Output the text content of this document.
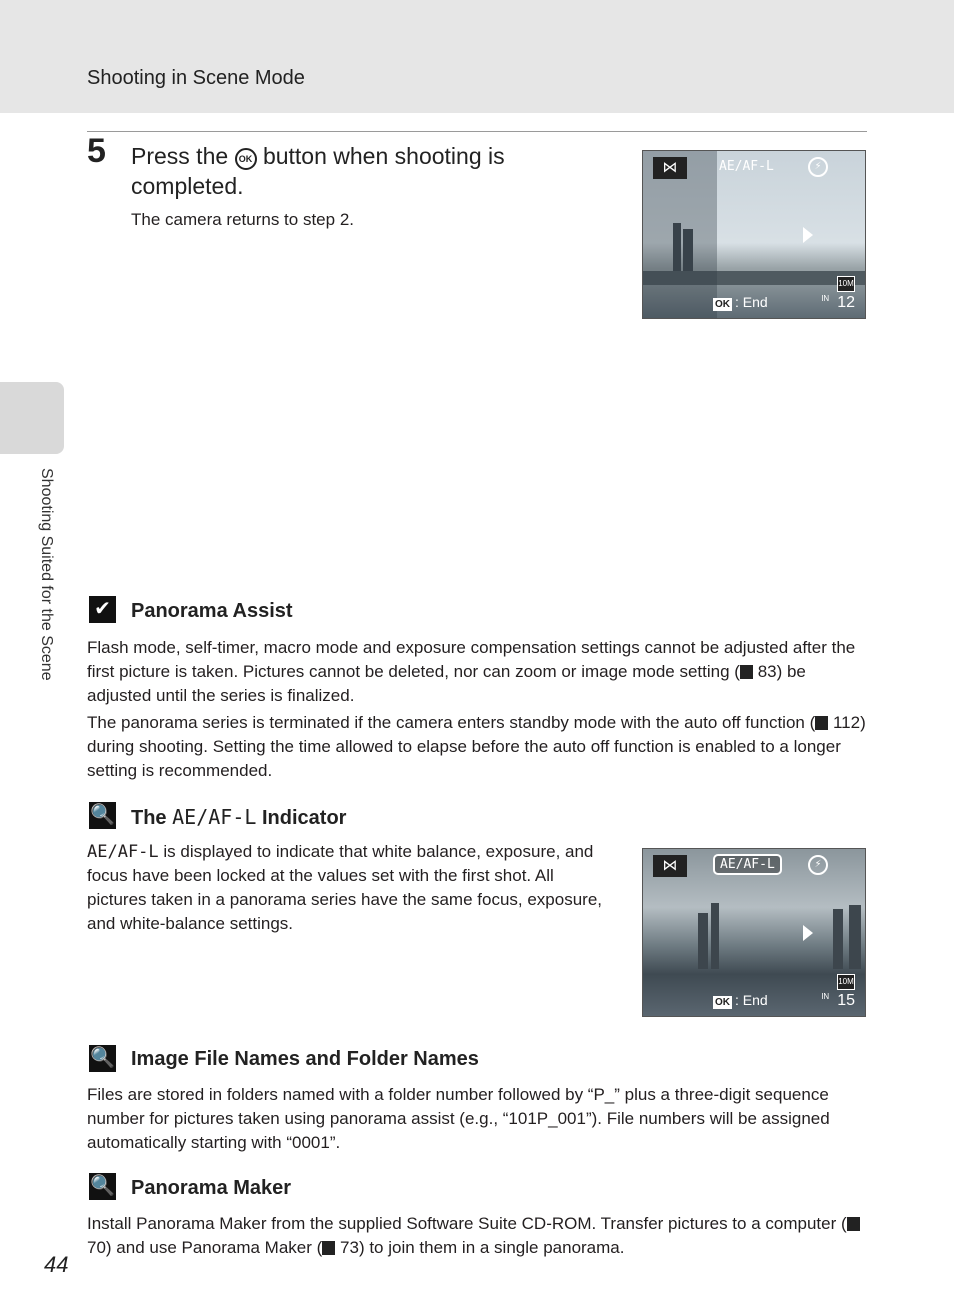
Shooting in Scene Mode
Shooting Suited for the Scene
5 Press the OK button when shooting is completed.
The camera returns to step 2.
⋈	AE/AF-L	⚡
OK : End
10M
$^{IN}$ 12
✔ Panorama Assist

Flash mode, self-timer, macro mode and exposure compensation settings cannot be adjusted after the first picture is taken. Pictures cannot be deleted, nor can zoom or image mode setting ( 83) be adjusted until the series is finalized.

The panorama series is terminated if the camera enters standby mode with the auto off function ( 112) during shooting. Setting the time allowed to elapse before the auto off function is enabled to a longer setting is recommended.

🔍 The AE/AF-L Indicator

AE/AF-L is displayed to indicate that white balance, exposure, and focus have been locked at the values set with the first shot. All pictures taken in a panorama series have the same focus, exposure, and white-balance settings.

⋈	AE/AF-L	⚡
OK : End
10M
$^{IN}$ 15
🔍 Image File Names and Folder Names

Files are stored in folders named with a folder number followed by “P_” plus a three-digit sequence number for pictures taken using panorama assist (e.g., “101P_001”). File numbers will be assigned automatically starting with “0001”.

🔍 Panorama Maker

Install Panorama Maker from the supplied Software Suite CD-ROM. Transfer pictures to a computer ( 70) and use Panorama Maker ( 73) to join them in a single panorama.

44
